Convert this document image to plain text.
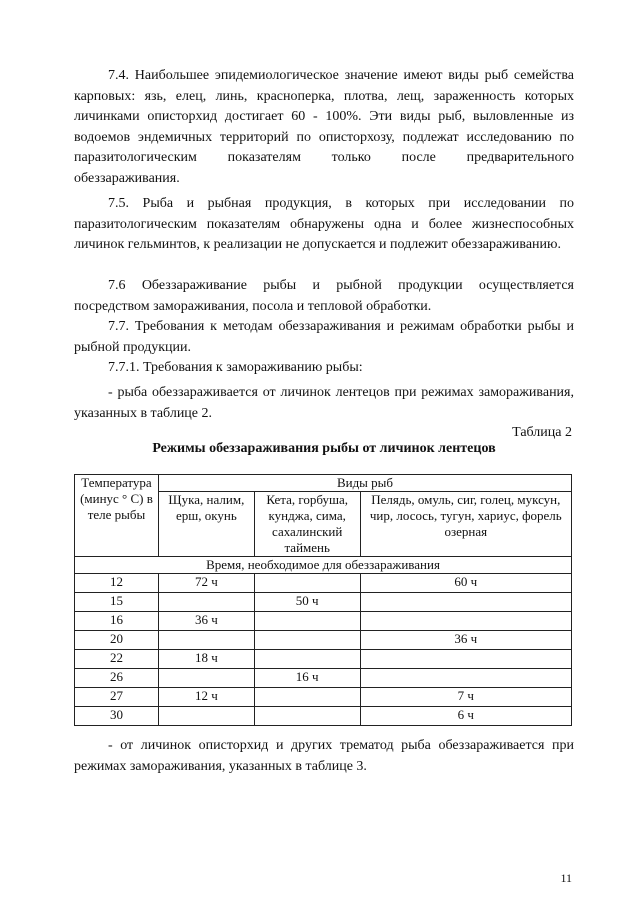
7.4. Наибольшее эпидемиологическое значение имеют виды рыб семейства карповых: язь, елец, линь, красноперка, плотва, лещ, зараженность которых личинками описторхид достигает 60 - 100%. Эти виды рыб, выловленные из водоемов эндемичных территорий по описторхозу, подлежат исследованию по паразитологическим показателям только после предварительного обеззараживания.

7.5. Рыба и рыбная продукция, в которых при исследовании по паразитологическим показателям обнаружены одна и более жизнеспособных личинок гельминтов, к реализации не допускается и подлежит обеззараживанию.

7.6 Обеззараживание рыбы и рыбной продукции осуществляется посредством замораживания, посола и тепловой обработки.

7.7. Требования к методам обеззараживания и режимам обработки рыбы и рыбной продукции.

7.7.1. Требования к замораживанию рыбы:

- рыба обеззараживается от личинок лентецов при режимах замораживания, указанных в таблице 2.

Таблица 2
Режимы обеззараживания рыбы от личинок лентецов
Температура (минус ° С) в теле рыбы	Виды рыб		
	Щука, налим, ерш, окунь	Кета, горбуша, кунджа, сима, сахалинский таймень	Пелядь, омуль, сиг, голец, муксун, чир, лосось, тугун, хариус, форель озерная
Время, необходимое для обеззараживания			
12	72 ч		60 ч
15		50 ч	
16	36 ч		
20			36 ч
22	18 ч		
26		16 ч	
27	12 ч		7 ч
30			6 ч

- от личинок описторхид и других трематод рыба обеззараживается при режимах замораживания, указанных в таблице 3.

11
